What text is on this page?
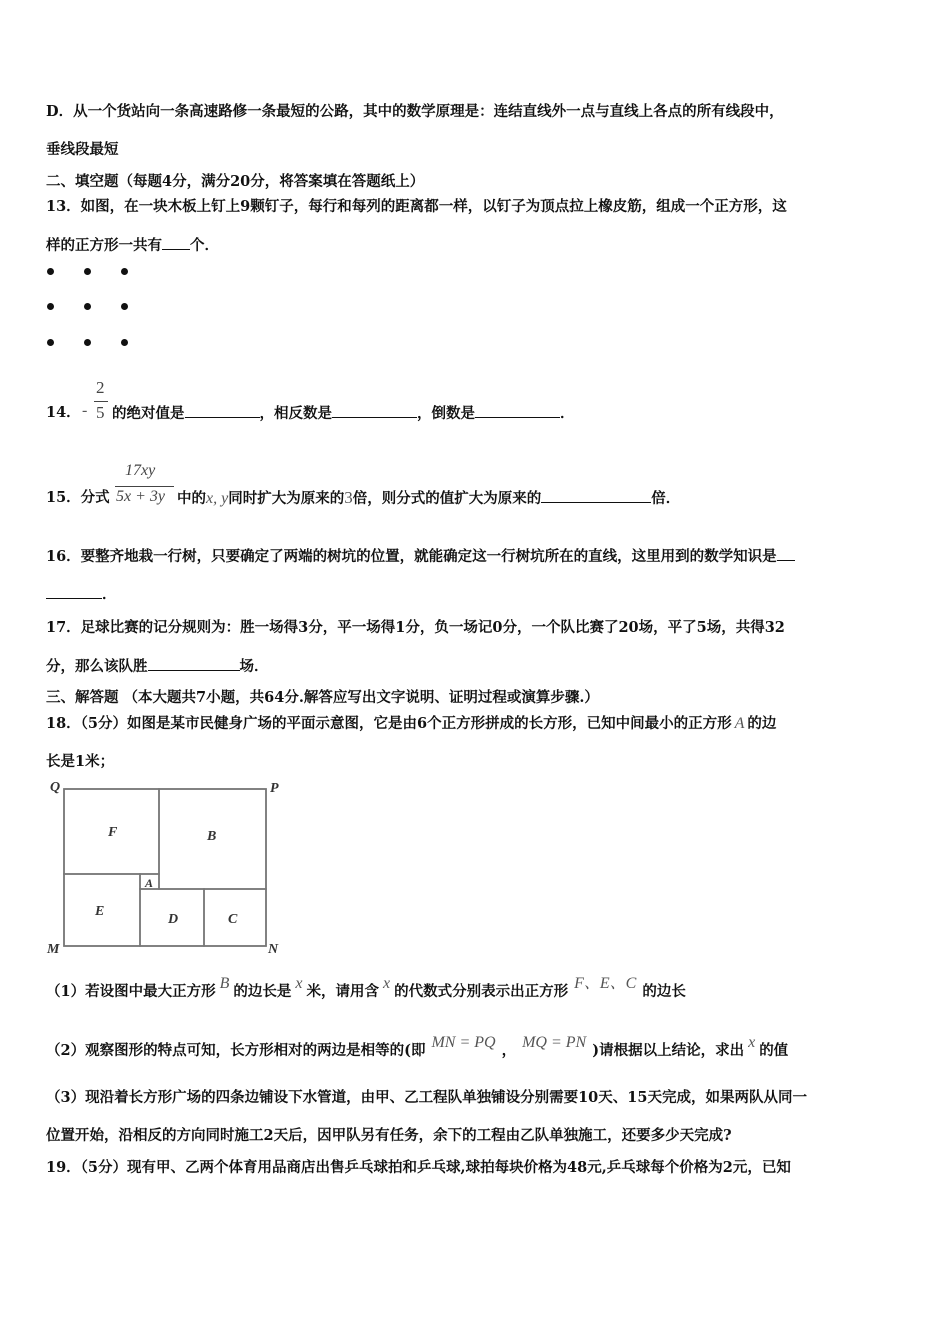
D．从一个货站向一条高速路修一条最短的公路，其中的数学原理是：连结直线外一点与直线上各点的所有线段中，
垂线段最短
二、填空题（每题4分，满分20分，将答案填在答题纸上）
13．如图，在一块木板上钉上9颗钉子，每行和每列的距离都一样，以钉子为顶点拉上橡皮筋，组成一个正方形，这
样的正方形一共有 个．
14． -
2
5 的绝对值是	，相反数是	，倒数是	．
15．分式
17xy
5x + 3y 中的x, y同时扩大为原来的3倍，则分式的值扩大为原来的	倍．
16．要整齐地栽一行树，只要确定了两端的树坑的位置，就能确定这一行树坑所在的直线，这里用到的数学知识是
．
17．足球比赛的记分规则为：胜一场得3分，平一场得1分，负一场记0分，一个队比赛了20场，平了5场，共得32
分，那么该队胜	场．
三、解答题 （本大题共7小题，共64分.解答应写出文字说明、证明过程或演算步骤.）
18．（5分）如图是某市民健身广场的平面示意图，它是由6个正方形拼成的长方形，已知中间最小的正方形 A 的边
长是1米；
Q	P
M	N
F	B
A
E
D	C
（1）若设图中最大正方形 B 的边长是 x 米，请用含 x 的代数式分别表示出正方形 F、E、C 的边长
（2）观察图形的特点可知，长方形相对的两边是相等的(即 MN = PQ ， MQ = PN )请根据以上结论，求出 x 的值
（3）现沿着长方形广场的四条边铺设下水管道，由甲、乙工程队单独铺设分别需要10天、15天完成，如果两队从同一
位置开始，沿相反的方向同时施工2天后，因甲队另有任务，余下的工程由乙队单独施工，还要多少天完成?
19．（5分）现有甲、乙两个体育用品商店出售乒乓球拍和乒乓球,球拍每块价格为48元,乒乓球每个价格为2元，已知
